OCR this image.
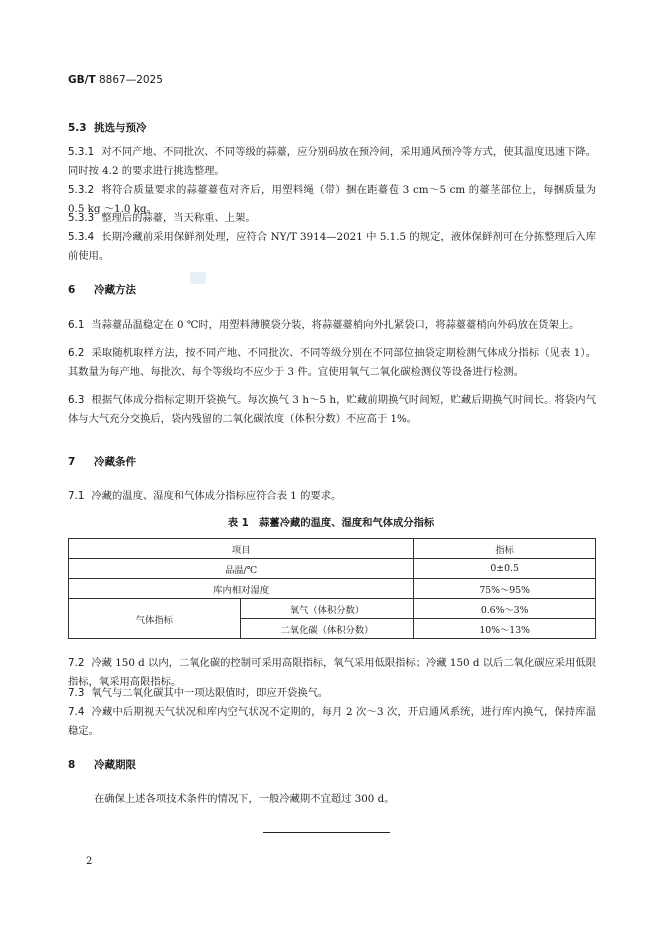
GB/T 8867—2025
5.3 挑选与预冷
5.3.1 对不同产地、不同批次、不同等级的蒜薹，应分别码放在预冷间，采用通风预冷等方式，使其温度迅速下降。同时按 4.2 的要求进行挑选整理。
5.3.2 将符合质量要求的蒜薹薹苞对齐后，用塑料绳（带）捆在距薹苞 3 cm～5 cm 的薹茎部位上，每捆质量为 0.5 kg ～1.0 kg。
5.3.3 整理后的蒜薹，当天称重、上架。
5.3.4 长期冷藏前采用保鲜剂处理，应符合 NY/T 3914—2021 中 5.1.5 的规定，液体保鲜剂可在分拣整理后入库前使用。
6 冷藏方法
6.1 当蒜薹品温稳定在 0 ℃时，用塑料薄膜袋分装，将蒜薹薹梢向外扎紧袋口，将蒜薹薹梢向外码放在货架上。
6.2 采取随机取样方法，按不同产地、不同批次、不同等级分别在不同部位抽袋定期检测气体成分指标（见表 1）。其数量为每产地、每批次、每个等级均不应少于 3 件。宜使用氧气二氧化碳检测仪等设备进行检测。
6.3 根据气体成分指标定期开袋换气。每次换气 3 h～5 h，贮藏前期换气时间短，贮藏后期换气时间长。将袋内气体与大气充分交换后，袋内残留的二氧化碳浓度（体积分数）不应高于 1%。
7 冷藏条件
7.1 冷藏的温度、湿度和气体成分指标应符合表 1 的要求。
表 1　蒜薹冷藏的温度、湿度和气体成分指标
项目		指标
品温/℃		0±0.5
库内相对湿度		75%～95%
气体指标	氧气（体积分数）	0.6%～3%
	二氧化碳（体积分数）	10%～13%
7.2 冷藏 150 d 以内，二氧化碳的控制可采用高限指标，氧气采用低限指标；冷藏 150 d 以后二氧化碳应采用低限指标，氧采用高限指标。
7.3 氧气与二氧化碳其中一项达限值时，即应开袋换气。
7.4 冷藏中后期视天气状况和库内空气状况不定期的，每月 2 次～3 次，开启通风系统，进行库内换气，保持库温稳定。
8 冷藏期限
在确保上述各项技术条件的情况下，一般冷藏期不宜超过 300 d。
2
